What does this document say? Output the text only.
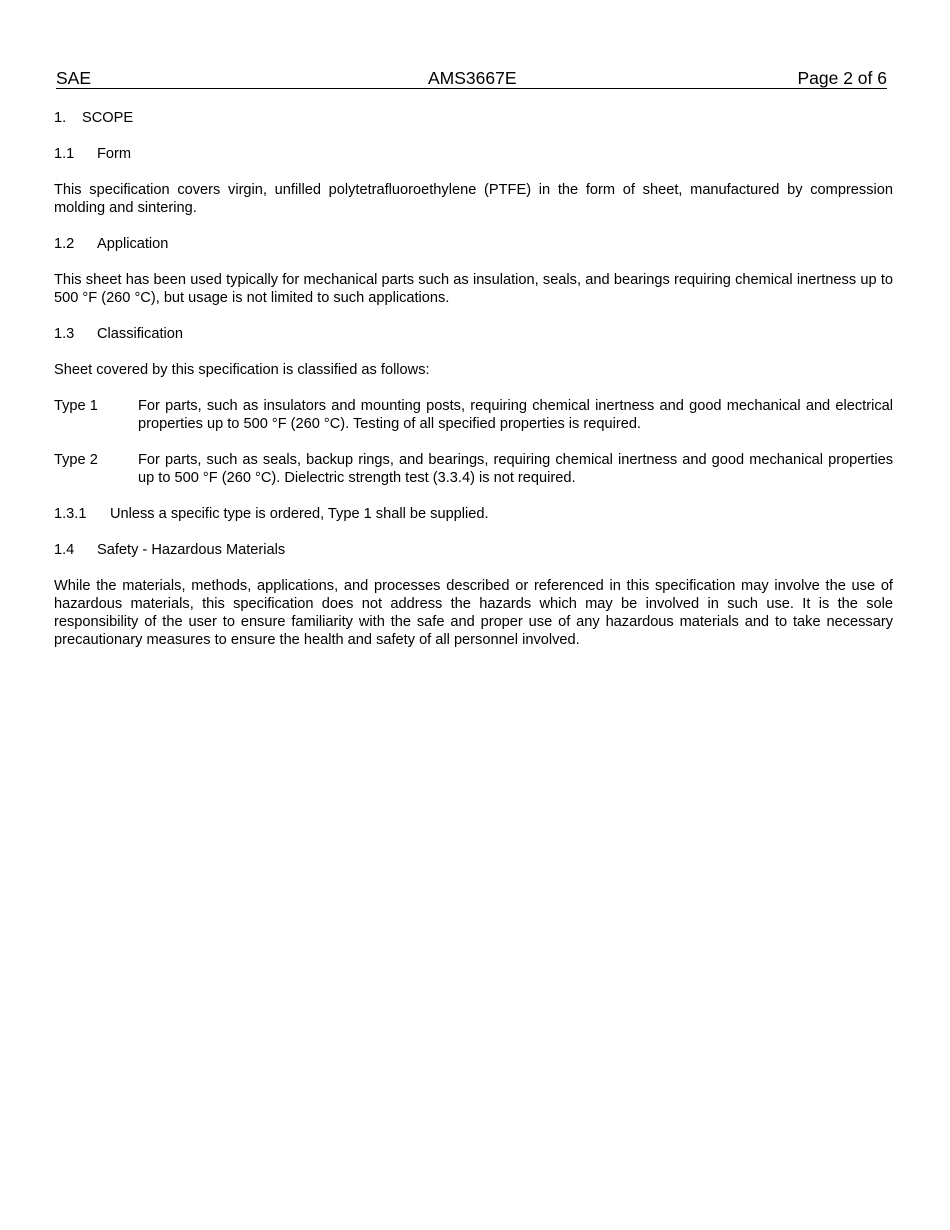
SAE	AMS3667E	Page 2 of 6
1. SCOPE
1.1 Form

This specification covers virgin, unfilled polytetrafluoroethylene (PTFE) in the form of sheet, manufactured by compression molding and sintering.

1.2 Application

This sheet has been used typically for mechanical parts such as insulation, seals, and bearings requiring chemical inertness up to 500 °F (260 °C), but usage is not limited to such applications.

1.3 Classification

Sheet covered by this specification is classified as follows:

Type 1	For parts, such as insulators and mounting posts, requiring chemical inertness and good mechanical and electrical properties up to 500 °F (260 °C). Testing of all specified properties is required.
Type 2	For parts, such as seals, backup rings, and bearings, requiring chemical inertness and good mechanical properties up to 500 °F (260 °C). Dielectric strength test (3.3.4) is not required.
1.3.1 Unless a specific type is ordered, Type 1 shall be supplied.
1.4 Safety - Hazardous Materials

While the materials, methods, applications, and processes described or referenced in this specification may involve the use of hazardous materials, this specification does not address the hazards which may be involved in such use. It is the sole responsibility of the user to ensure familiarity with the safe and proper use of any hazardous materials and to take necessary precautionary measures to ensure the health and safety of all personnel involved.
